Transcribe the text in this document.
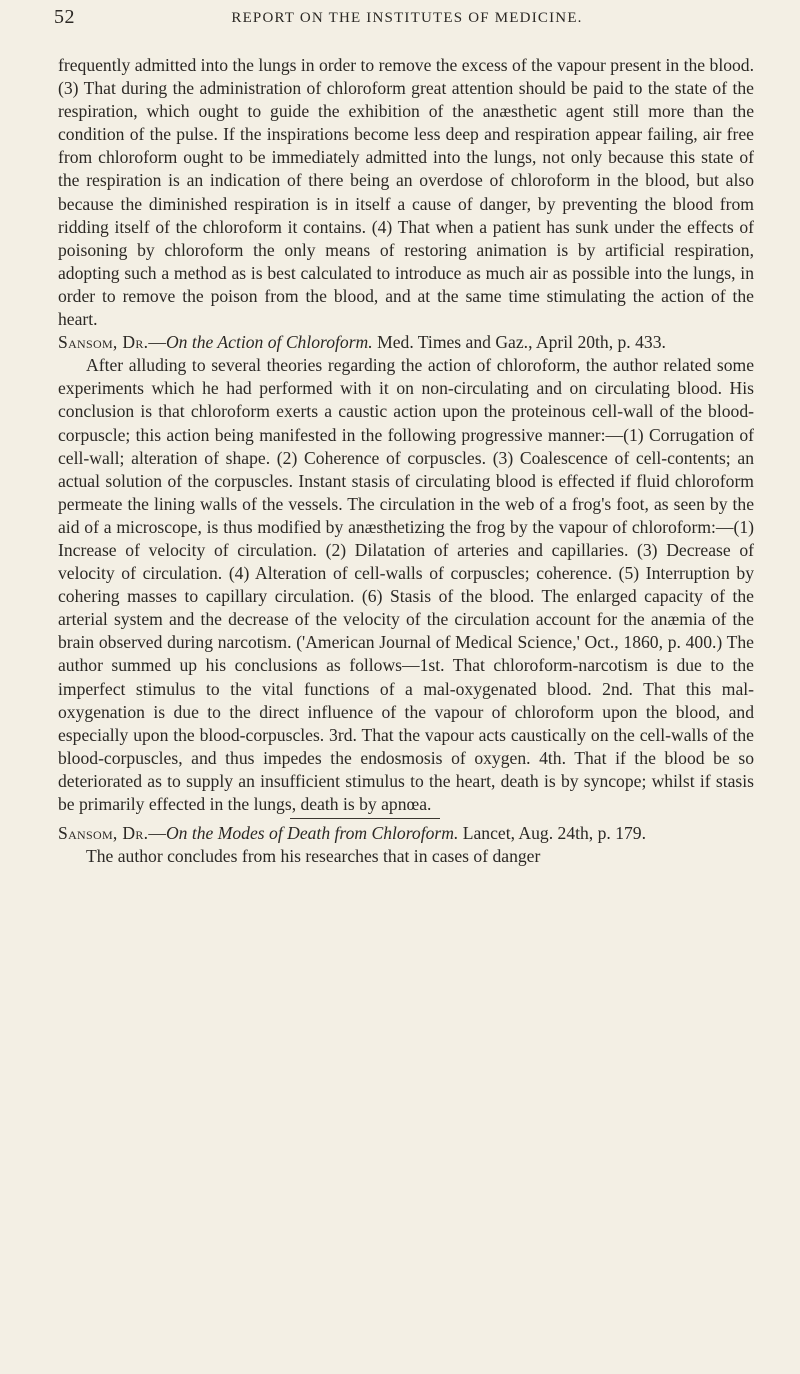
52	REPORT ON THE INSTITUTES OF MEDICINE.

frequently admitted into the lungs in order to remove the excess of the vapour present in the blood. (3) That during the administration of chloroform great attention should be paid to the state of the respiration, which ought to guide the exhibition of the anæsthetic agent still more than the condition of the pulse. If the inspirations become less deep and respiration appear failing, air free from chloroform ought to be immediately admitted into the lungs, not only because this state of the respiration is an indication of there being an overdose of chloroform in the blood, but also because the diminished respiration is in itself a cause of danger, by preventing the blood from ridding itself of the chloroform it contains. (4) That when a patient has sunk under the effects of poisoning by chloroform the only means of restoring animation is by artificial respiration, adopting such a method as is best calculated to introduce as much air as possible into the lungs, in order to remove the poison from the blood, and at the same time stimulating the action of the heart.

Sansom, Dr.—On the Action of Chloroform. Med. Times and Gaz., April 20th, p. 433.

After alluding to several theories regarding the action of chloroform, the author related some experiments which he had performed with it on non-circulating and on circulating blood. His conclusion is that chloroform exerts a caustic action upon the proteinous cell-wall of the blood-corpuscle; this action being manifested in the following progressive manner:—(1) Corrugation of cell-wall; alteration of shape. (2) Coherence of corpuscles. (3) Coalescence of cell-contents; an actual solution of the corpuscles. Instant stasis of circulating blood is effected if fluid chloroform permeate the lining walls of the vessels. The circulation in the web of a frog's foot, as seen by the aid of a microscope, is thus modified by anæsthetizing the frog by the vapour of chloroform:—(1) Increase of velocity of circulation. (2) Dilatation of arteries and capillaries. (3) Decrease of velocity of circulation. (4) Alteration of cell-walls of corpuscles; coherence. (5) Interruption by cohering masses to capillary circulation. (6) Stasis of the blood. The enlarged capacity of the arterial system and the decrease of the velocity of the circulation account for the anæmia of the brain observed during narcotism. ('American Journal of Medical Science,' Oct., 1860, p. 400.) The author summed up his conclusions as follows—1st. That chloroform-narcotism is due to the imperfect stimulus to the vital functions of a mal-oxygenated blood. 2nd. That this mal-oxygenation is due to the direct influence of the vapour of chloroform upon the blood, and especially upon the blood-corpuscles. 3rd. That the vapour acts caustically on the cell-walls of the blood-corpuscles, and thus impedes the endosmosis of oxygen. 4th. That if the blood be so deteriorated as to supply an insufficient stimulus to the heart, death is by syncope; whilst if stasis be primarily effected in the lungs, death is by apnœa.

Sansom, Dr.—On the Modes of Death from Chloroform. Lancet, Aug. 24th, p. 179.

The author concludes from his researches that in cases of danger
